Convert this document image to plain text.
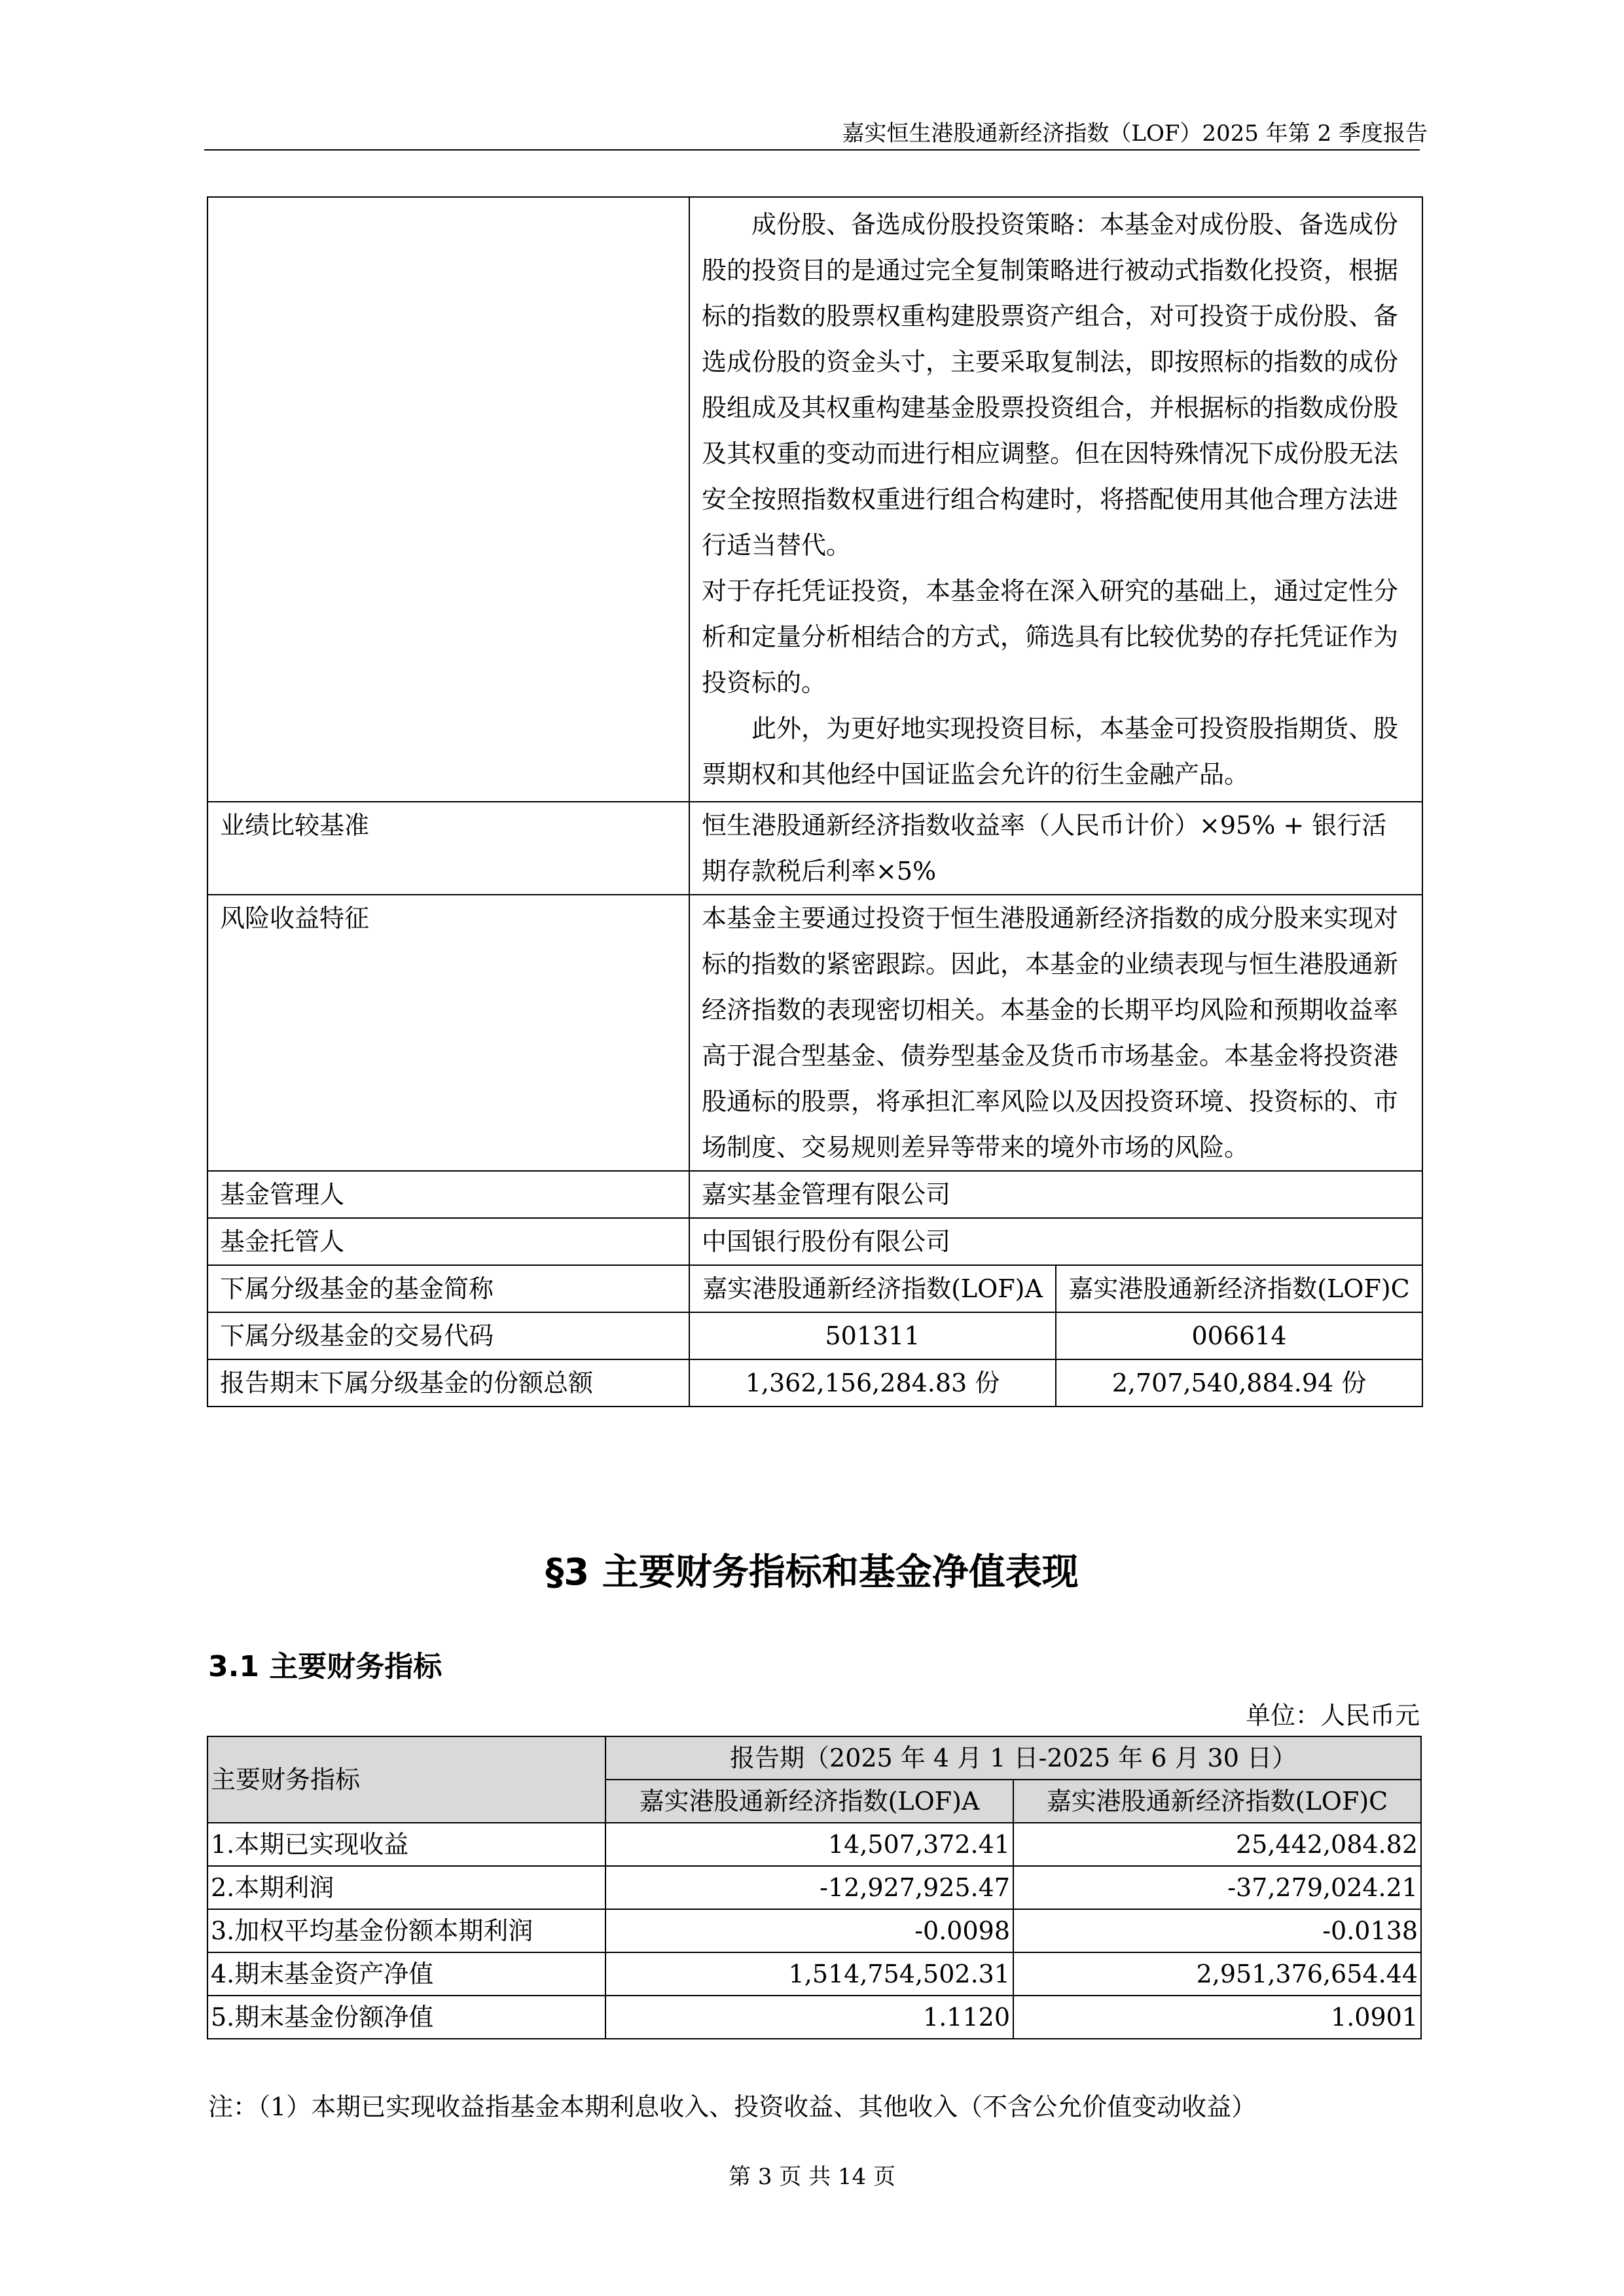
嘉实恒生港股通新经济指数（LOF）2025 年第 2 季度报告

	成份股、备选成份股投资策略：本基金对成份股、备选成份股的投资目的是通过完全复制策略进行被动式指数化投资，根据标的指数的股票权重构建股票资产组合，对可投资于成份股、备选成份股的资金头寸，主要采取复制法，即按照标的指数的成份股组成及其权重构建基金股票投资组合，并根据标的指数成份股及其权重的变动而进行相应调整。但在因特殊情况下成份股无法安全按照指数权重进行组合构建时，将搭配使用其他合理方法进行适当替代。
对于存托凭证投资，本基金将在深入研究的基础上，通过定性分析和定量分析相结合的方式，筛选具有比较优势的存托凭证作为投资标的。
此外，为更好地实现投资目标，本基金可投资股指期货、股票期权和其他经中国证监会允许的衍生金融产品。	

业绩比较基准	恒生港股通新经济指数收益率（人民币计价）×95% + 银行活期存款税后利率×5%	
风险收益特征	本基金主要通过投资于恒生港股通新经济指数的成分股来实现对标的指数的紧密跟踪。因此，本基金的业绩表现与恒生港股通新经济指数的表现密切相关。本基金的长期平均风险和预期收益率高于混合型基金、债券型基金及货币市场基金。本基金将投资港股通标的股票，将承担汇率风险以及因投资环境、投资标的、市场制度、交易规则差异等带来的境外市场的风险。	
基金管理人	嘉实基金管理有限公司	
基金托管人	中国银行股份有限公司	
下属分级基金的基金简称	嘉实港股通新经济指数(LOF)A	嘉实港股通新经济指数(LOF)C
下属分级基金的交易代码	501311	006614
报告期末下属分级基金的份额总额	1,362,156,284.83 份	2,707,540,884.94 份
§3 主要财务指标和基金净值表现
3.1 主要财务指标
单位：人民币元
主要财务指标	报告期（2025 年 4 月 1 日-2025 年 6 月 30 日）	
	嘉实港股通新经济指数(LOF)A	嘉实港股通新经济指数(LOF)C
1.本期已实现收益	14,507,372.41	25,442,084.82
2.本期利润	-12,927,925.47	-37,279,024.21
3.加权平均基金份额本期利润	-0.0098	-0.0138
4.期末基金资产净值	1,514,754,502.31	2,951,376,654.44
5.期末基金份额净值	1.1120	1.0901
注：（1）本期已实现收益指基金本期利息收入、投资收益、其他收入（不含公允价值变动收益）
第 3 页 共 14 页
